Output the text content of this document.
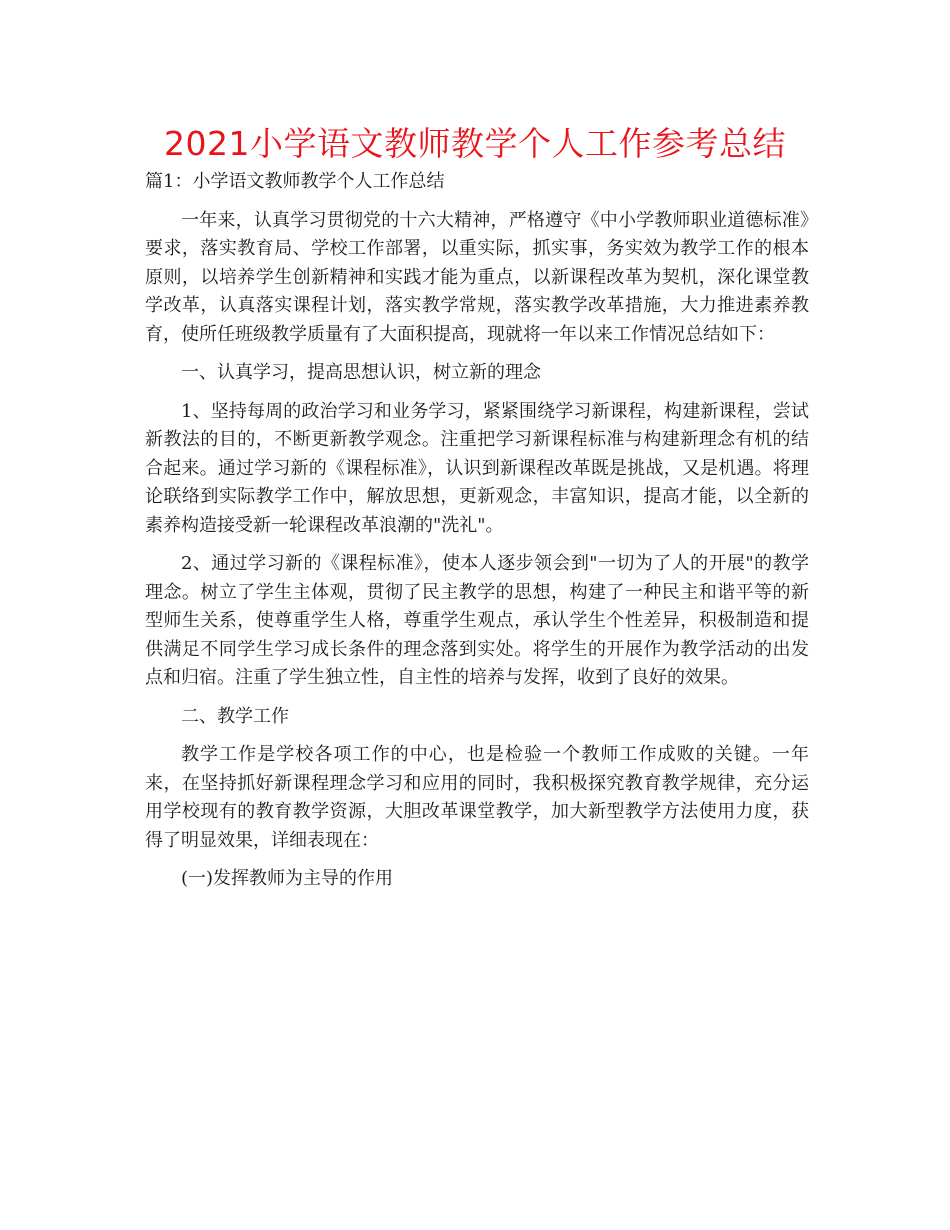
2021小学语文教师教学个人工作参考总结

篇1：小学语文教师教学个人工作总结

一年来，认真学习贯彻党的十六大精神，严格遵守《中小学教师职业道德标准》要求，落实教育局、学校工作部署，以重实际，抓实事，务实效为教学工作的根本原则，以培养学生创新精神和实践才能为重点，以新课程改革为契机，深化课堂教学改革，认真落实课程计划，落实教学常规，落实教学改革措施，大力推进素养教育，使所任班级教学质量有了大面积提高，现就将一年以来工作情况总结如下：

一、认真学习，提高思想认识，树立新的理念

1、坚持每周的政治学习和业务学习，紧紧围绕学习新课程，构建新课程，尝试新教法的目的，不断更新教学观念。注重把学习新课程标准与构建新理念有机的结合起来。通过学习新的《课程标准》，认识到新课程改革既是挑战，又是机遇。将理论联络到实际教学工作中，解放思想，更新观念，丰富知识，提高才能，以全新的素养构造接受新一轮课程改革浪潮的"洗礼"。

2、通过学习新的《课程标准》，使本人逐步领会到"一切为了人的开展"的教学理念。树立了学生主体观，贯彻了民主教学的思想，构建了一种民主和谐平等的新型师生关系，使尊重学生人格，尊重学生观点，承认学生个性差异，积极制造和提供满足不同学生学习成长条件的理念落到实处。将学生的开展作为教学活动的出发点和归宿。注重了学生独立性，自主性的培养与发挥，收到了良好的效果。

二、教学工作

教学工作是学校各项工作的中心，也是检验一个教师工作成败的关键。一年来，在坚持抓好新课程理念学习和应用的同时，我积极探究教育教学规律，充分运用学校现有的教育教学资源，大胆改革课堂教学，加大新型教学方法使用力度，获得了明显效果，详细表现在：

(一)发挥教师为主导的作用
